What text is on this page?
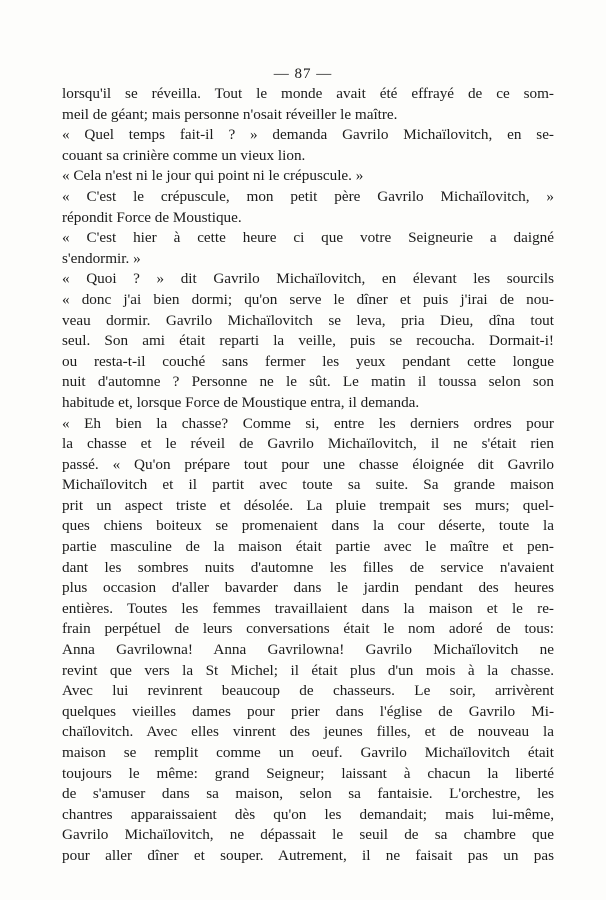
— 87 —
lorsqu'il se réveilla. Tout le monde avait été effrayé de ce som-
meil de géant; mais personne n'osait réveiller le maître.
« Quel temps fait-il ? » demanda Gavrilo Michaïlovitch, en se-
couant sa crinière comme un vieux lion.
« Cela n'est ni le jour qui point ni le crépuscule. »
« C'est le crépuscule, mon petit père Gavrilo Michaïlovitch, »
répondit Force de Moustique.
« C'est hier à cette heure ci que votre Seigneurie a daigné
s'endormir. »
« Quoi ? » dit Gavrilo Michaïlovitch, en élevant les sourcils
« donc j'ai bien dormi; qu'on serve le dîner et puis j'irai de nou-
veau dormir. Gavrilo Michaïlovitch se leva, pria Dieu, dîna tout
seul. Son ami était reparti la veille, puis se recoucha. Dormait-i!
ou resta-t-il couché sans fermer les yeux pendant cette longue
nuit d'automne ? Personne ne le sût. Le matin il toussa selon son
habitude et, lorsque Force de Moustique entra, il demanda.
« Eh bien la chasse? Comme si, entre les derniers ordres pour
la chasse et le réveil de Gavrilo Michaïlovitch, il ne s'était rien
passé. « Qu'on prépare tout pour une chasse éloignée dit Gavrilo
Michaïlovitch et il partit avec toute sa suite. Sa grande maison
prit un aspect triste et désolée. La pluie trempait ses murs; quel-
ques chiens boiteux se promenaient dans la cour déserte, toute la
partie masculine de la maison était partie avec le maître et pen-
dant les sombres nuits d'automne les filles de service n'avaient
plus occasion d'aller bavarder dans le jardin pendant des heures
entières. Toutes les femmes travaillaient dans la maison et le re-
frain perpétuel de leurs conversations était le nom adoré de tous:
Anna Gavrilowna! Anna Gavrilowna! Gavrilo Michaïlovitch ne
revint que vers la St Michel; il était plus d'un mois à la chasse.
Avec lui revinrent beaucoup de chasseurs. Le soir, arrivèrent
quelques vieilles dames pour prier dans l'église de Gavrilo Mi-
chaïlovitch. Avec elles vinrent des jeunes filles, et de nouveau la
maison se remplit comme un oeuf. Gavrilo Michaïlovitch était
toujours le même: grand Seigneur; laissant à chacun la liberté
de s'amuser dans sa maison, selon sa fantaisie. L'orchestre, les
chantres apparaissaient dès qu'on les demandait; mais lui-même,
Gavrilo Michaïlovitch, ne dépassait le seuil de sa chambre que
pour aller dîner et souper. Autrement, il ne faisait pas un pas
